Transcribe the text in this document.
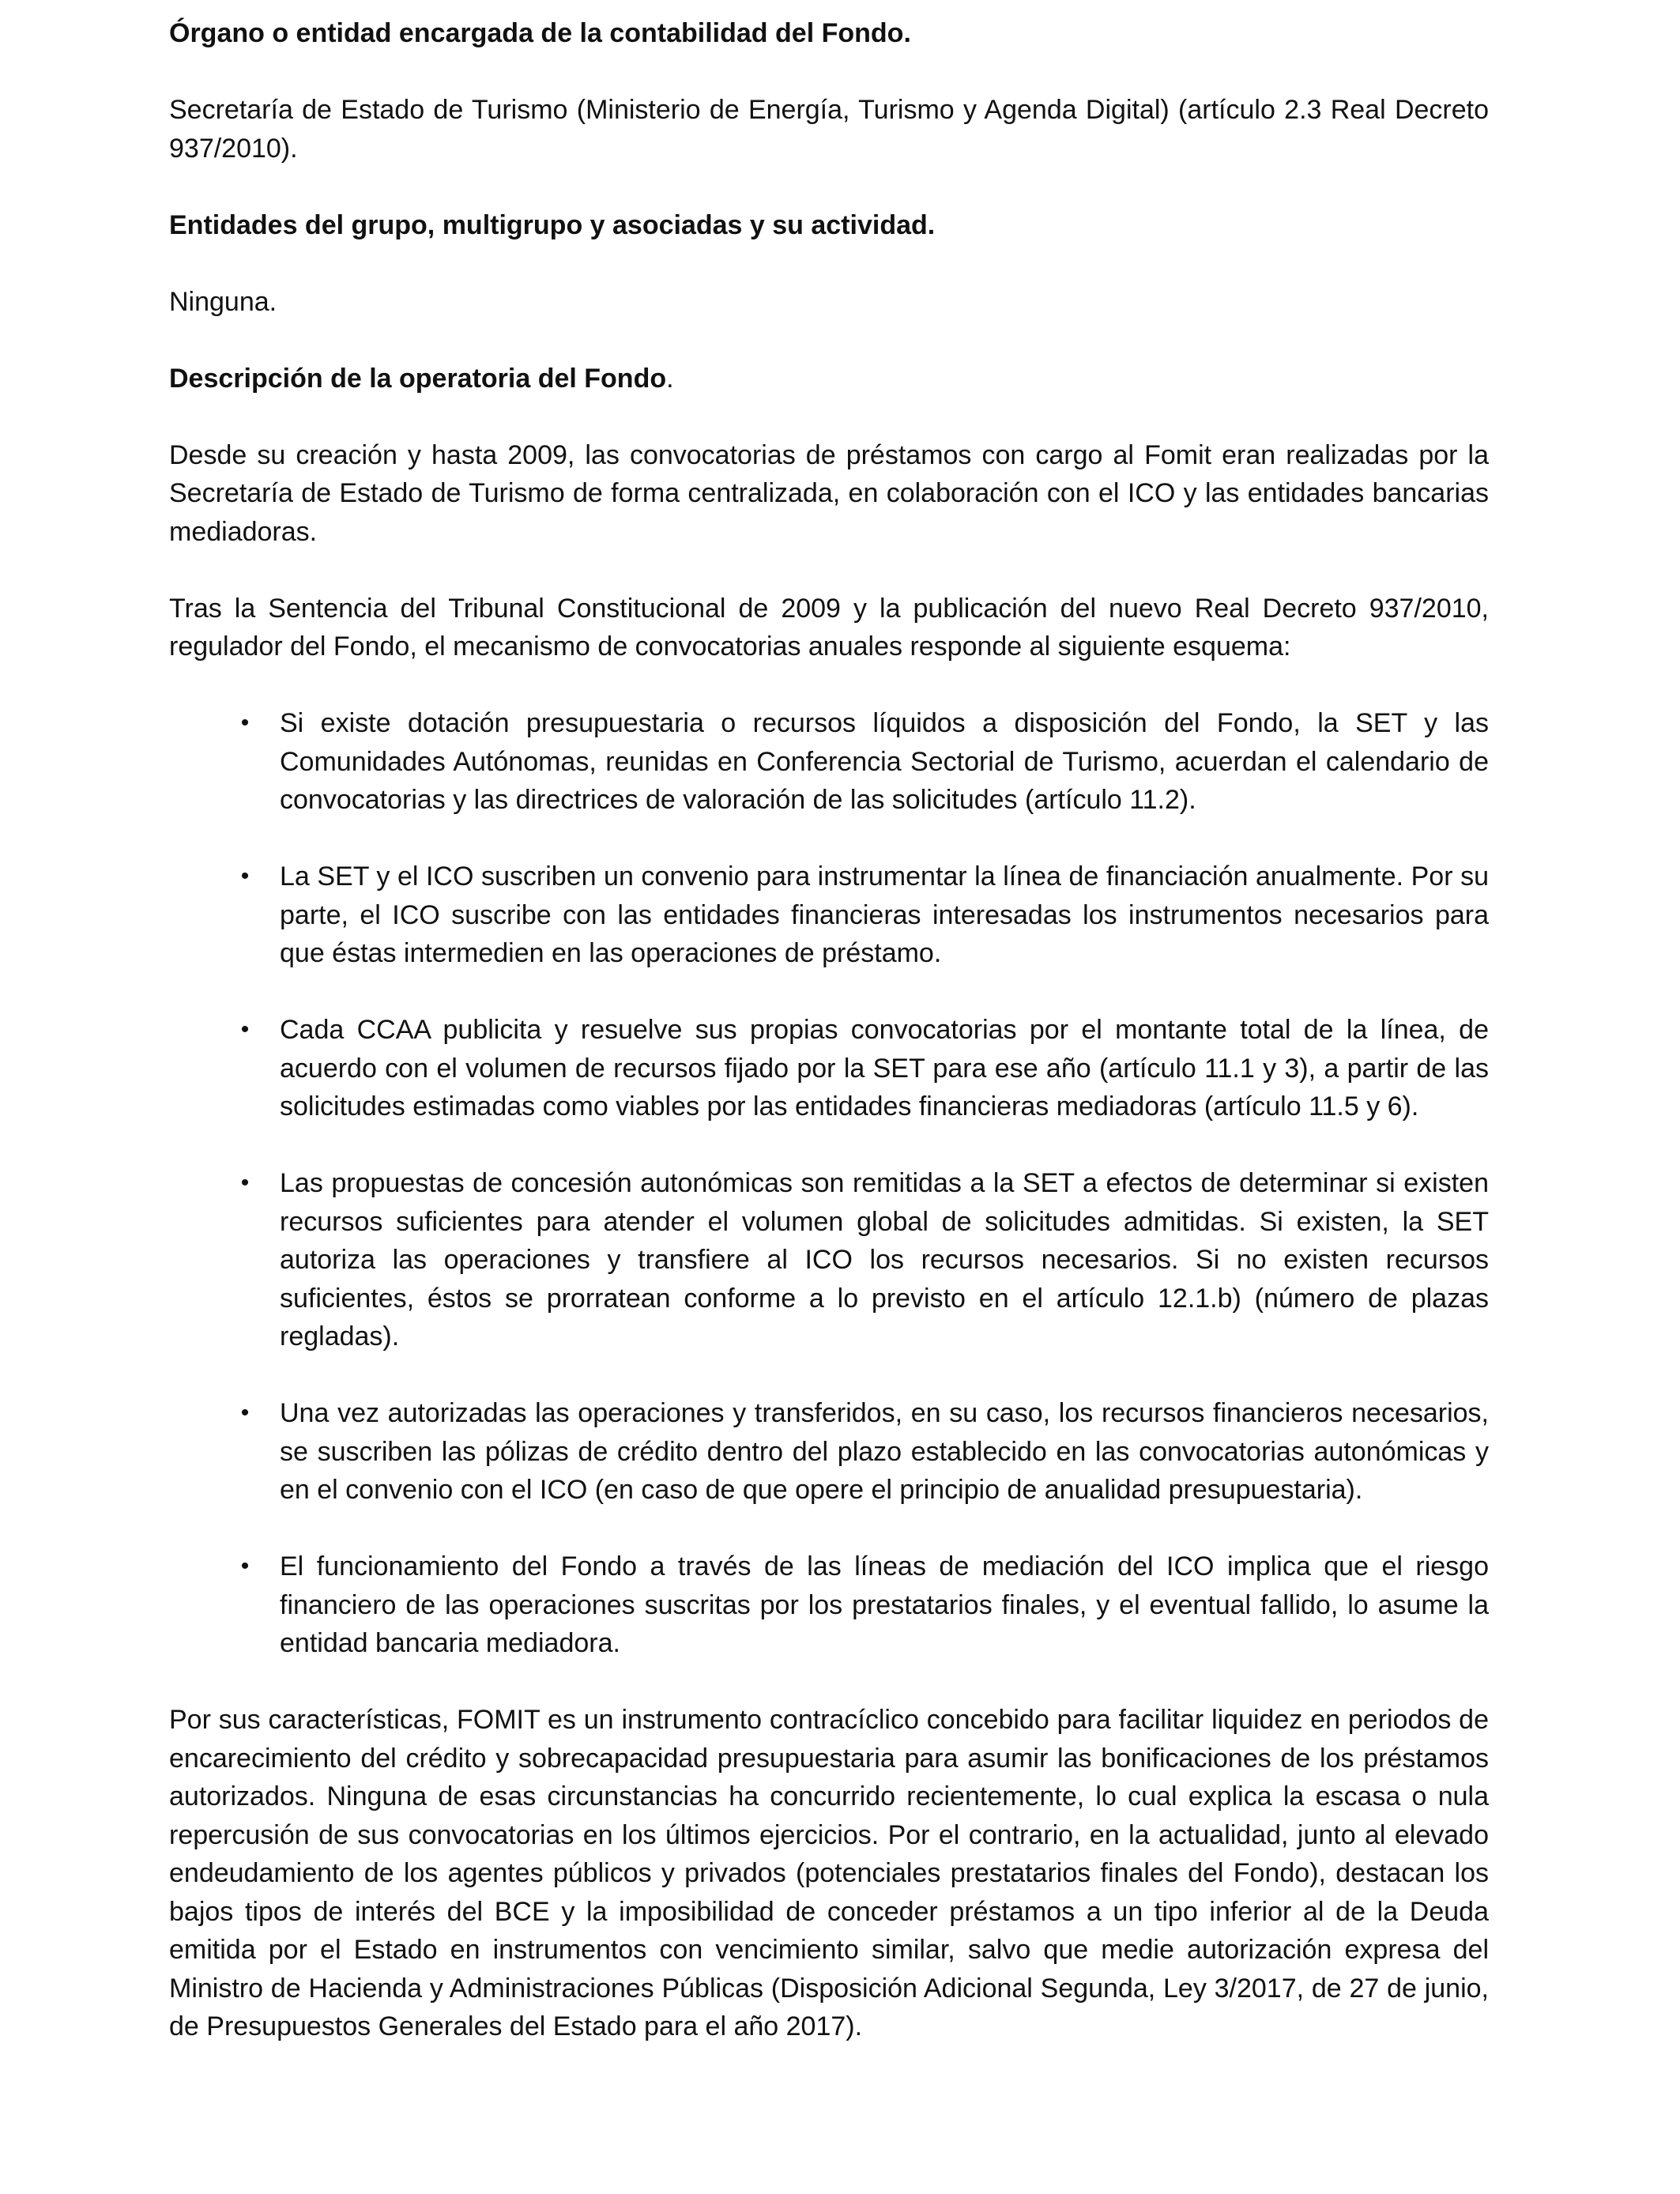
Órgano o entidad encargada de la contabilidad del Fondo.

Secretaría de Estado de Turismo (Ministerio de Energía, Turismo y Agenda Digital) (artículo 2.3 Real Decreto 937/2010).

Entidades del grupo, multigrupo y asociadas y su actividad.

Ninguna.

Descripción de la operatoria del Fondo.

Desde su creación y hasta 2009, las convocatorias de préstamos con cargo al Fomit eran realizadas por la Secretaría de Estado de Turismo de forma centralizada, en colaboración con el ICO y las entidades bancarias mediadoras.

Tras la Sentencia del Tribunal Constitucional de 2009 y la publicación del nuevo Real Decreto 937/2010, regulador del Fondo, el mecanismo de convocatorias anuales responde al siguiente esquema:

•	Si existe dotación presupuestaria o recursos líquidos a disposición del Fondo, la SET y las Comunidades Autónomas, reunidas en Conferencia Sectorial de Turismo, acuerdan el calendario de convocatorias y las directrices de valoración de las solicitudes (artículo 11.2).
•	La SET y el ICO suscriben un convenio para instrumentar la línea de financiación anualmente. Por su parte, el ICO suscribe con las entidades financieras interesadas los instrumentos necesarios para que éstas intermedien en las operaciones de préstamo.
•	Cada CCAA publicita y resuelve sus propias convocatorias por el montante total de la línea, de acuerdo con el volumen de recursos fijado por la SET para ese año (artículo 11.1 y 3), a partir de las solicitudes estimadas como viables por las entidades financieras mediadoras (artículo 11.5 y 6).
•	Las propuestas de concesión autonómicas son remitidas a la SET a efectos de determinar si existen recursos suficientes para atender el volumen global de solicitudes admitidas. Si existen, la SET autoriza las operaciones y transfiere al ICO los recursos necesarios. Si no existen recursos suficientes, éstos se prorratean conforme a lo previsto en el artículo 12.1.b) (número de plazas regladas).
•	Una vez autorizadas las operaciones y transferidos, en su caso, los recursos financieros necesarios, se suscriben las pólizas de crédito dentro del plazo establecido en las convocatorias autonómicas y en el convenio con el ICO (en caso de que opere el principio de anualidad presupuestaria).
•	El funcionamiento del Fondo a través de las líneas de mediación del ICO implica que el riesgo financiero de las operaciones suscritas por los prestatarios finales, y el eventual fallido, lo asume la entidad bancaria mediadora.

Por sus características, FOMIT es un instrumento contracíclico concebido para facilitar liquidez en periodos de encarecimiento del crédito y sobrecapacidad presupuestaria para asumir las bonificaciones de los préstamos autorizados. Ninguna de esas circunstancias ha concurrido recientemente, lo cual explica la escasa o nula repercusión de sus convocatorias en los últimos ejercicios. Por el contrario, en la actualidad, junto al elevado endeudamiento de los agentes públicos y privados (potenciales prestatarios finales del Fondo), destacan los bajos tipos de interés del BCE y la imposibilidad de conceder préstamos a un tipo inferior al de la Deuda emitida por el Estado en instrumentos con vencimiento similar, salvo que medie autorización expresa del Ministro de Hacienda y Administraciones Públicas (Disposición Adicional Segunda, Ley 3/2017, de 27 de junio, de Presupuestos Generales del Estado para el año 2017).
